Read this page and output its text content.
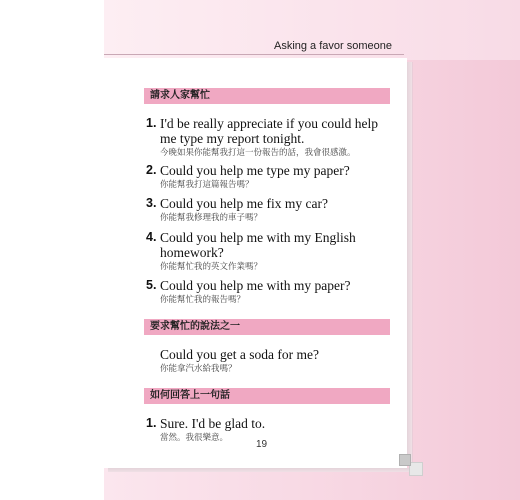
Asking a favor someone
請求人家幫忙
1. I'd be really appreciate if you could help me type my report tonight.
今晚如果你能幫我打這一份報告的話，我會很感激。
2. Could you help me type my paper?
你能幫我打這篇報告嗎？
3. Could you help me fix my car?
你能幫我修理我的車子嗎？
4. Could you help me with my English homework?
你能幫忙我的英文作業嗎？
5. Could you help me with my paper?
你能幫忙我的報告嗎？
要求幫忙的說法之一
Could you get a soda for me?
你能拿汽水給我嗎？
如何回答上一句話
1. Sure. I'd be glad to.
當然。我很樂意。
19
